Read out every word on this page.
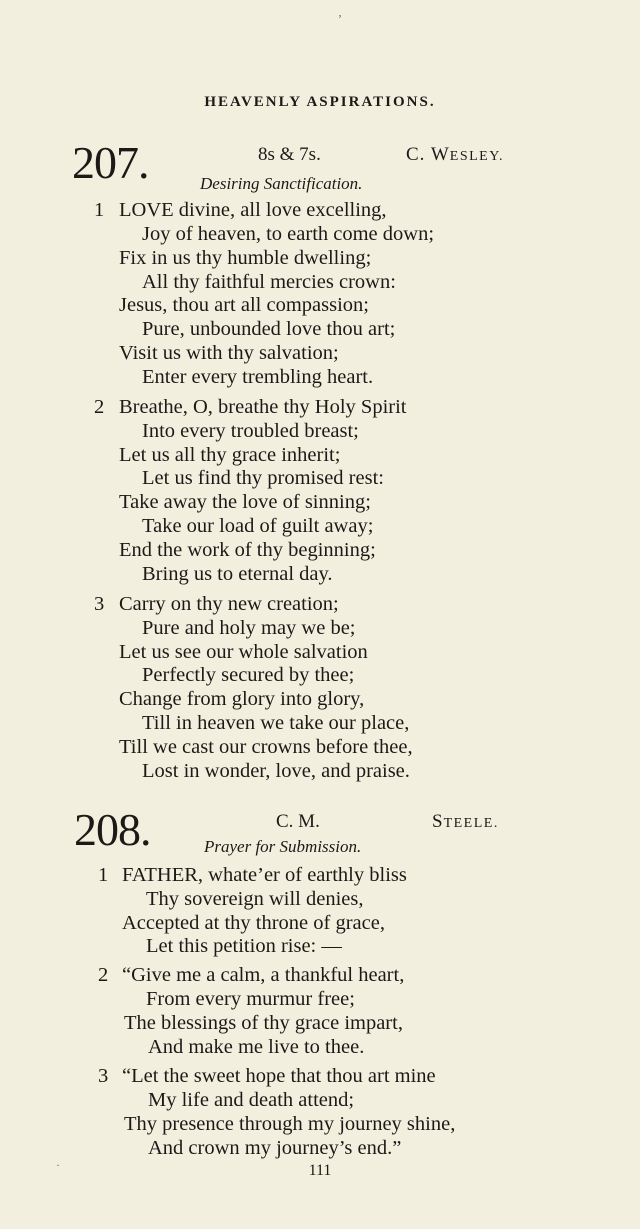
HEAVENLY ASPIRATIONS.
207.	8s & 7s.	C. WESLEY.
Desiring Sanctification.
1 LOVE divine, all love excelling,
Joy of heaven, to earth come down;
Fix in us thy humble dwelling;
All thy faithful mercies crown:
Jesus, thou art all compassion;
Pure, unbounded love thou art;
Visit us with thy salvation;
Enter every trembling heart.
2 Breathe, O, breathe thy Holy Spirit
Into every troubled breast;
Let us all thy grace inherit;
Let us find thy promised rest:
Take away the love of sinning;
Take our load of guilt away;
End the work of thy beginning;
Bring us to eternal day.
3 Carry on thy new creation;
Pure and holy may we be;
Let us see our whole salvation
Perfectly secured by thee;
Change from glory into glory,
Till in heaven we take our place,
Till we cast our crowns before thee,
Lost in wonder, love, and praise.
208.	C. M.	STEELE.
Prayer for Submission.
1 FATHER, whate’er of earthly bliss
Thy sovereign will denies,
Accepted at thy throne of grace,
Let this petition rise: —
2 “Give me a calm, a thankful heart,
From every murmur free;
The blessings of thy grace impart,
And make me live to thee.
3 “Let the sweet hope that thou art mine
My life and death attend;
Thy presence through my journey shine,
And crown my journey’s end.”
111
ʼ
·
